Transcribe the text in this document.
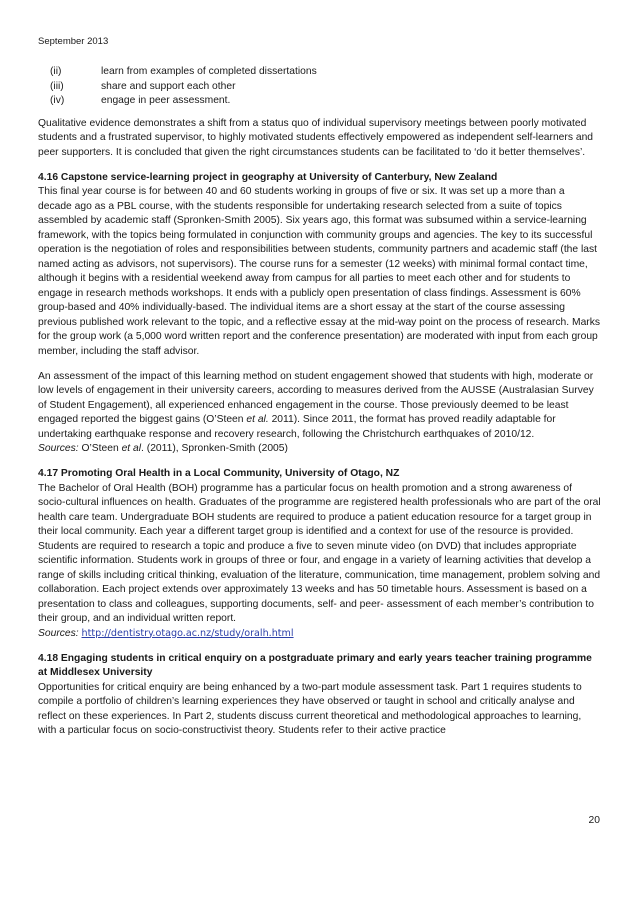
September 2013
(ii)	learn from examples of completed dissertations
(iii)	share and support each other
(iv)	engage in peer assessment.

Qualitative evidence demonstrates a shift from a status quo of individual supervisory meetings between poorly motivated students and a frustrated supervisor, to highly motivated students effectively empowered as independent self-learners and peer supporters. It is concluded that given the right circumstances students can be facilitated to ‘do it better themselves’.

4.16 Capstone service-learning project in geography at University of Canterbury, New Zealand

This final year course is for between 40 and 60 students working in groups of five or six. It was set up a more than a decade ago as a PBL course, with the students responsible for undertaking research selected from a suite of topics assembled by academic staff (Spronken-Smith 2005). Six years ago, this format was subsumed within a service-learning framework, with the topics being formulated in conjunction with community groups and agencies. The key to its successful operation is the negotiation of roles and responsibilities between students, community partners and academic staff (the last named acting as advisors, not supervisors). The course runs for a semester (12 weeks) with minimal formal contact time, although it begins with a residential weekend away from campus for all parties to meet each other and for students to engage in research methods workshops. It ends with a publicly open presentation of class findings. Assessment is 60% group-based and 40% individually-based. The individual items are a short essay at the start of the course assessing previous published work relevant to the topic, and a reflective essay at the mid-way point on the process of research. Marks for the group work (a 5,000 word written report and the conference presentation) are moderated with input from each group member, including the staff advisor.

An assessment of the impact of this learning method on student engagement showed that students with high, moderate or low levels of engagement in their university careers, according to measures derived from the AUSSE (Australasian Survey of Student Engagement), all experienced enhanced engagement in the course. Those previously deemed to be least engaged reported the biggest gains (O’Steen et al. 2011). Since 2011, the format has proved readily adaptable for undertaking earthquake response and recovery research, following the Christchurch earthquakes of 2010/12.

Sources: O’Steen et al. (2011), Spronken-Smith (2005)
4.17 Promoting Oral Health in a Local Community, University of Otago, NZ

The Bachelor of Oral Health (BOH) programme has a particular focus on health promotion and a strong awareness of socio-cultural influences on health. Graduates of the programme are registered health professionals who are part of the oral health care team. Undergraduate BOH students are required to produce a patient education resource for a target group in their local community. Each year a different target group is identified and a context for use of the resource is provided. Students are required to research a topic and produce a five to seven minute video (on DVD) that includes appropriate scientific information. Students work in groups of three or four, and engage in a variety of learning activities that develop a range of skills including critical thinking, evaluation of the literature, communication, time management, problem solving and collaboration. Each project extends over approximately 13 weeks and has 50 timetable hours. Assessment is based on a presentation to class and colleagues, supporting documents, self- and peer- assessment of each member’s contribution to their group, and an individual written report.

Sources: http://dentistry.otago.ac.nz/study/oralh.html
4.18 Engaging students in critical enquiry on a postgraduate primary and early years teacher training programme at Middlesex University

Opportunities for critical enquiry are being enhanced by a two-part module assessment task. Part 1 requires students to compile a portfolio of children’s learning experiences they have observed or taught in school and critically analyse and reflect on these experiences. In Part 2, students discuss current theoretical and methodological approaches to learning, with a particular focus on socio-constructivist theory. Students refer to their active practice

20
